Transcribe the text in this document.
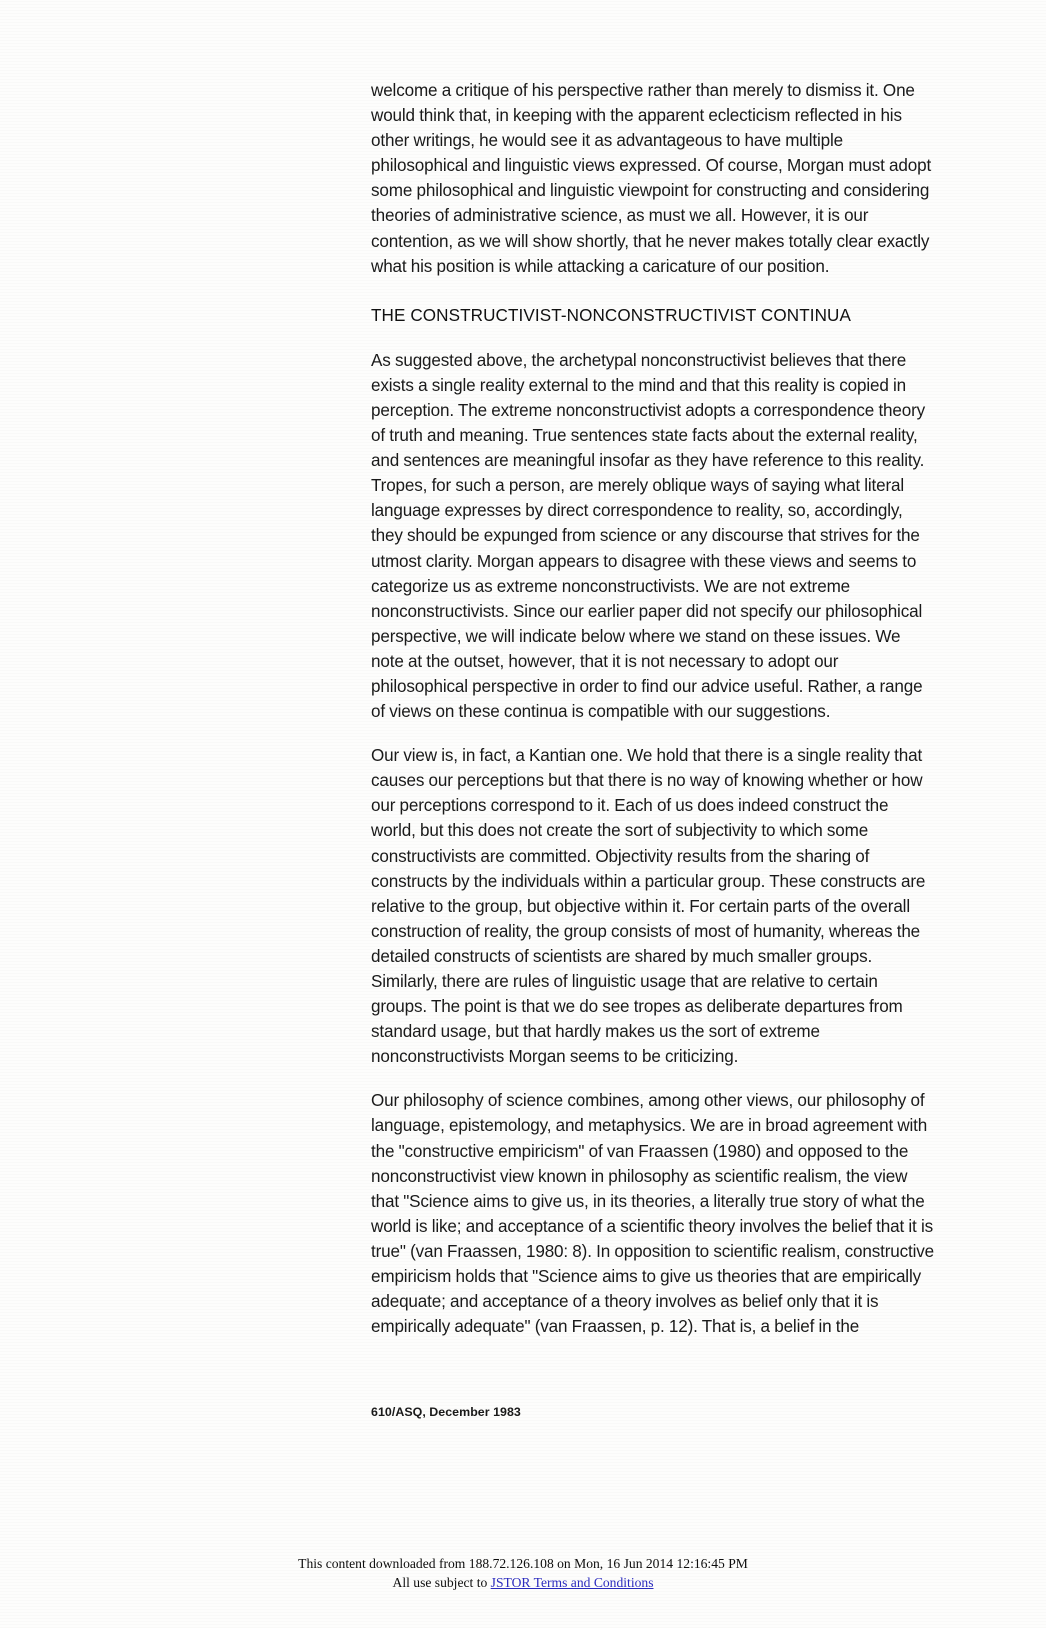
welcome a critique of his perspective rather than merely to dismiss it. One would think that, in keeping with the apparent eclecticism reflected in his other writings, he would see it as advantageous to have multiple philosophical and linguistic views expressed. Of course, Morgan must adopt some philosophical and linguistic viewpoint for constructing and considering theories of administrative science, as must we all. However, it is our contention, as we will show shortly, that he never makes totally clear exactly what his position is while attacking a caricature of our position.

THE CONSTRUCTIVIST-NONCONSTRUCTIVIST CONTINUA

As suggested above, the archetypal nonconstructivist believes that there exists a single reality external to the mind and that this reality is copied in perception. The extreme nonconstructivist adopts a correspondence theory of truth and meaning. True sentences state facts about the external reality, and sentences are meaningful insofar as they have reference to this reality. Tropes, for such a person, are merely oblique ways of saying what literal language expresses by direct correspondence to reality, so, accordingly, they should be expunged from science or any discourse that strives for the utmost clarity. Morgan appears to disagree with these views and seems to categorize us as extreme nonconstructivists. We are not extreme nonconstructivists. Since our earlier paper did not specify our philosophical perspective, we will indicate below where we stand on these issues. We note at the outset, however, that it is not necessary to adopt our philosophical perspective in order to find our advice useful. Rather, a range of views on these continua is compatible with our suggestions.

Our view is, in fact, a Kantian one. We hold that there is a single reality that causes our perceptions but that there is no way of knowing whether or how our perceptions correspond to it. Each of us does indeed construct the world, but this does not create the sort of subjectivity to which some constructivists are committed. Objectivity results from the sharing of constructs by the individuals within a particular group. These constructs are relative to the group, but objective within it. For certain parts of the overall construction of reality, the group consists of most of humanity, whereas the detailed constructs of scientists are shared by much smaller groups. Similarly, there are rules of linguistic usage that are relative to certain groups. The point is that we do see tropes as deliberate departures from standard usage, but that hardly makes us the sort of extreme nonconstructivists Morgan seems to be criticizing.

Our philosophy of science combines, among other views, our philosophy of language, epistemology, and metaphysics. We are in broad agreement with the "constructive empiricism" of van Fraassen (1980) and opposed to the nonconstructivist view known in philosophy as scientific realism, the view that "Science aims to give us, in its theories, a literally true story of what the world is like; and acceptance of a scientific theory involves the belief that it is true" (van Fraassen, 1980: 8). In opposition to scientific realism, constructive empiricism holds that "Science aims to give us theories that are empirically adequate; and acceptance of a theory involves as belief only that it is empirically adequate" (van Fraassen, p. 12). That is, a belief in the

610/ASQ, December 1983
This content downloaded from 188.72.126.108 on Mon, 16 Jun 2014 12:16:45 PM
All use subject to JSTOR Terms and Conditions
